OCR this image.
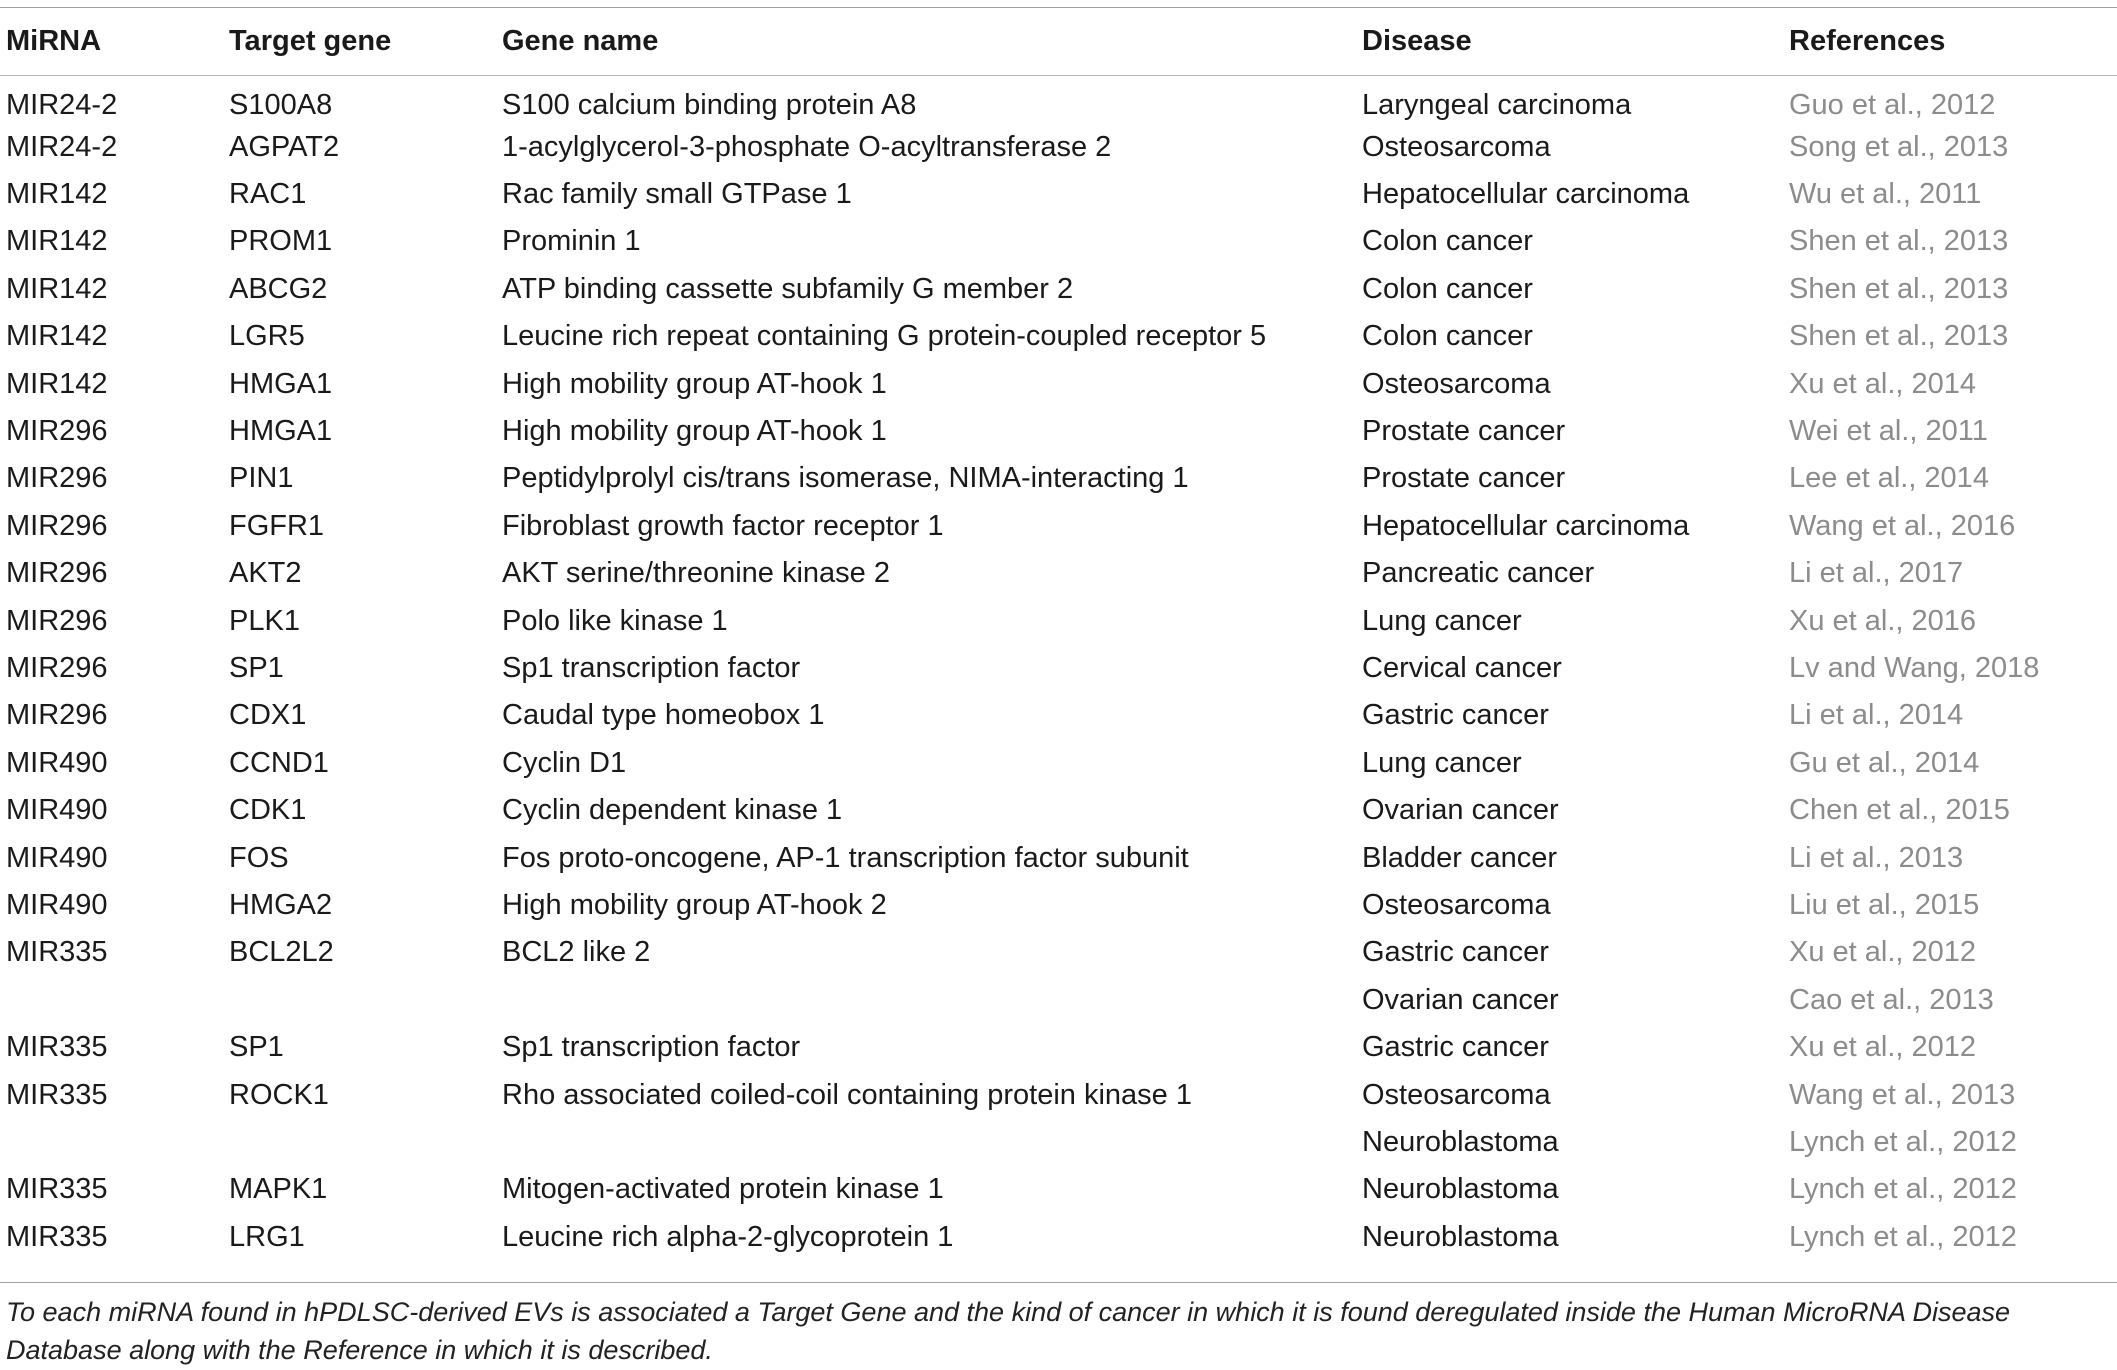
MiRNA	Target gene	Gene name	Disease	References
MIR24-2	S100A8	S100 calcium binding protein A8	Laryngeal carcinoma	Guo et al., 2012
MIR24-2	AGPAT2	1-acylglycerol-3-phosphate O-acyltransferase 2	Osteosarcoma	Song et al., 2013
MIR142	RAC1	Rac family small GTPase 1	Hepatocellular carcinoma	Wu et al., 2011
MIR142	PROM1	Prominin 1	Colon cancer	Shen et al., 2013
MIR142	ABCG2	ATP binding cassette subfamily G member 2	Colon cancer	Shen et al., 2013
MIR142	LGR5	Leucine rich repeat containing G protein-coupled receptor 5	Colon cancer	Shen et al., 2013
MIR142	HMGA1	High mobility group AT-hook 1	Osteosarcoma	Xu et al., 2014
MIR296	HMGA1	High mobility group AT-hook 1	Prostate cancer	Wei et al., 2011
MIR296	PIN1	Peptidylprolyl cis/trans isomerase, NIMA-interacting 1	Prostate cancer	Lee et al., 2014
MIR296	FGFR1	Fibroblast growth factor receptor 1	Hepatocellular carcinoma	Wang et al., 2016
MIR296	AKT2	AKT serine/threonine kinase 2	Pancreatic cancer	Li et al., 2017
MIR296	PLK1	Polo like kinase 1	Lung cancer	Xu et al., 2016
MIR296	SP1	Sp1 transcription factor	Cervical cancer	Lv and Wang, 2018
MIR296	CDX1	Caudal type homeobox 1	Gastric cancer	Li et al., 2014
MIR490	CCND1	Cyclin D1	Lung cancer	Gu et al., 2014
MIR490	CDK1	Cyclin dependent kinase 1	Ovarian cancer	Chen et al., 2015
MIR490	FOS	Fos proto-oncogene, AP-1 transcription factor subunit	Bladder cancer	Li et al., 2013
MIR490	HMGA2	High mobility group AT-hook 2	Osteosarcoma	Liu et al., 2015
MIR335	BCL2L2	BCL2 like 2	Gastric cancer	Xu et al., 2012
			Ovarian cancer	Cao et al., 2013
MIR335	SP1	Sp1 transcription factor	Gastric cancer	Xu et al., 2012
MIR335	ROCK1	Rho associated coiled-coil containing protein kinase 1	Osteosarcoma	Wang et al., 2013
			Neuroblastoma	Lynch et al., 2012
MIR335	MAPK1	Mitogen-activated protein kinase 1	Neuroblastoma	Lynch et al., 2012
MIR335	LRG1	Leucine rich alpha-2-glycoprotein 1	Neuroblastoma	Lynch et al., 2012
To each miRNA found in hPDLSC-derived EVs is associated a Target Gene and the kind of cancer in which it is found deregulated inside the Human MicroRNA Disease Database along with the Reference in which it is described.
